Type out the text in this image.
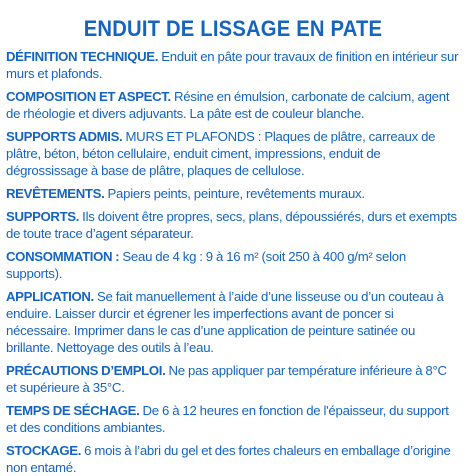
ENDUIT DE LISSAGE EN PATE
DÉFINITION TECHNIQUE. Enduit en pâte pour travaux de finition en intérieur sur murs et plafonds.
COMPOSITION ET ASPECT. Résine en émulsion, carbonate de calcium, agent de rhéologie et divers adjuvants. La pâte est de couleur blanche.
SUPPORTS ADMIS. MURS ET PLAFONDS : Plaques de plâtre, carreaux de plâtre, béton, béton cellulaire, enduit ciment, impressions, enduit de dégrossissage à base de plâtre, plaques de cellulose.
REVÊTEMENTS. Papiers peints, peinture, revêtements muraux.
SUPPORTS. Ils doivent être propres, secs, plans, dépoussiérés, durs et exempts de toute trace d’agent séparateur.
CONSOMMATION : Seau de 4 kg : 9 à 16 m² (soit 250 à 400 g/m² selon supports).
APPLICATION. Se fait manuellement à l’aide d’une lisseuse ou d’un couteau à enduire. Laisser durcir et égrener les imperfections avant de poncer si nécessaire. Imprimer dans le cas d’une application de peinture satinée ou brillante. Nettoyage des outils à l’eau.
PRÉCAUTIONS D’EMPLOI. Ne pas appliquer par température inférieure à 8°C et supérieure à 35°C.
TEMPS DE SÉCHAGE. De 6 à 12 heures en fonction de l'épaisseur, du support et des conditions ambiantes.
STOCKAGE. 6 mois à l’abri du gel et des fortes chaleurs en emballage d’origine non entamé.
